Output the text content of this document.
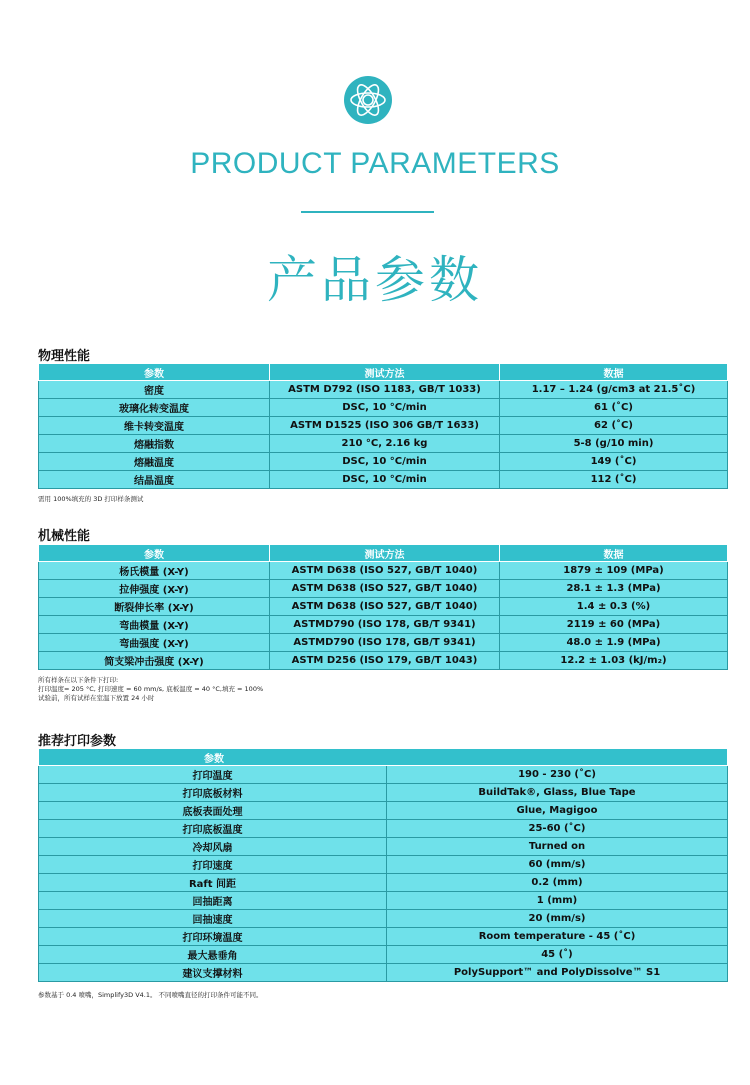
PRODUCT PARAMETERS
产品参数
物理性能
参数	测试方法	数据
密度	ASTM D792 (ISO 1183, GB/T 1033)	1.17 – 1.24 (g/cm3 at 21.5˚C)
玻璃化转变温度	DSC, 10 °C/min	61 (˚C)
维卡转变温度	ASTM D1525 (ISO 306 GB/T 1633)	62 (˚C)
熔融指数	210 °C, 2.16 kg	5-8 (g/10 min)
熔融温度	DSC, 10 °C/min	149 (˚C)
结晶温度	DSC, 10 °C/min	112 (˚C)
需用 100%填充的 3D 打印样条测试
机械性能
参数	测试方法	数据
杨氏模量 (X-Y)	ASTM D638 (ISO 527, GB/T 1040)	1879 ± 109 (MPa)
拉伸强度 (X-Y)	ASTM D638 (ISO 527, GB/T 1040)	28.1 ± 1.3 (MPa)
断裂伸长率 (X-Y)	ASTM D638 (ISO 527, GB/T 1040)	1.4 ± 0.3 (%)
弯曲模量 (X-Y)	ASTMD790 (ISO 178, GB/T 9341)	2119 ± 60 (MPa)
弯曲强度 (X-Y)	ASTMD790 (ISO 178, GB/T 9341)	48.0 ± 1.9 (MPa)
简支梁冲击强度 (X-Y)	ASTM D256 (ISO 179, GB/T 1043)	12.2 ± 1.03 (kJ/m₂)
所有样条在以下条件下打印:
打印温度= 205 °C, 打印速度 = 60 mm/s, 底板温度 = 40 °C,填充 = 100%
试验前，所有试样在室温下放置 24 小时
推荐打印参数
参数	
打印温度	190 - 230 (˚C)
打印底板材料	BuildTak®, Glass, Blue Tape
底板表面处理	Glue, Magigoo
打印底板温度	25-60 (˚C)
冷却风扇	Turned on
打印速度	60 (mm/s)
Raft 间距	0.2 (mm)
回抽距离	1 (mm)
回抽速度	20 (mm/s)
打印环境温度	Room temperature - 45 (˚C)
最大悬垂角	45 (˚)
建议支撑材料	PolySupport™ and PolyDissolve™ S1
参数基于 0.4 喷嘴，Simplify3D V4.1。 不同喷嘴直径的打印条件可能不同。
